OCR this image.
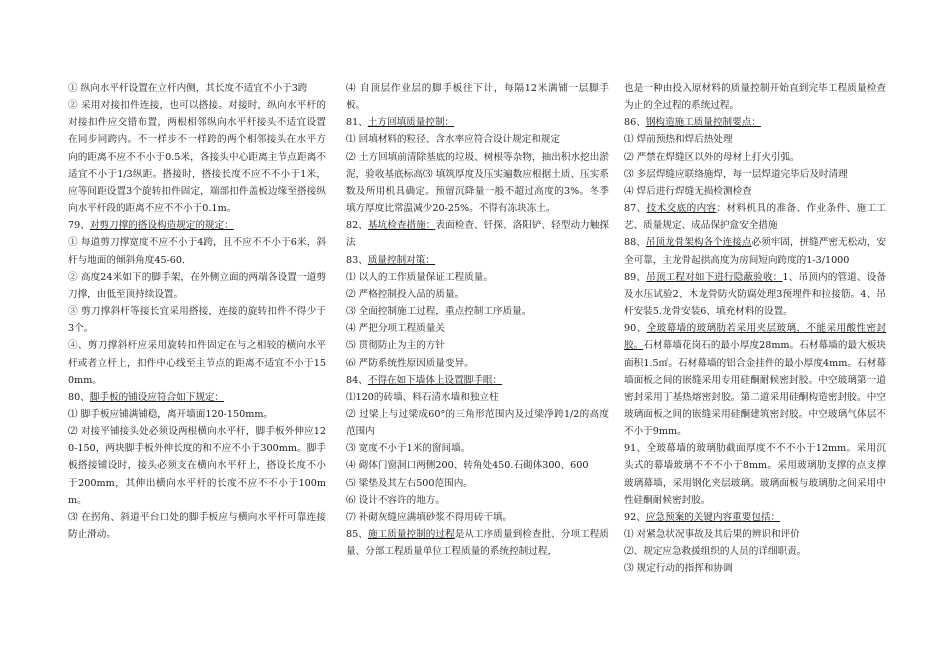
① 纵向水平杆设置在立杆内侧，其长度不适宜不小于3跨

② 采用对接扣件连接，也可以搭接。对接时，纵向水平杆的对接扣件应交错布置，两根相邻纵向水平杆接头不适宜设置在同步同跨内。不一样步不一样跨的两个相邻接头在水平方向的距离不应不不小于0.5米，各接头中心距离主节点距离不适宜不小于1/3纵距。搭接时，搭接长度不应不不小于1米，应等间距设置3个旋转扣件固定，端部扣件盖板边缘至搭接纵向水平杆段的距离不应不不小于0.1m。

79、对剪刀撑的搭设构造规定的规定：

① 每道剪刀撑宽度不应不小于4跨，且不应不不小于6米，斜杆与地面的倾斜角度45-60.

② 高度24米如下的脚手架，在外侧立面的两端各设置一道剪刀撑，由低至顶持续设置。

③ 剪刀撑斜杆等接长宜采用搭接，连接的旋转扣件不得少于3个。

④、剪刀撑斜杆应采用旋转扣件固定在与之相较的横向水平杆或者立杆上，扣件中心线至主节点的距离不适宜不小于150mm。

80、脚手板的铺设应符合如下规定：

⑴ 脚手板应铺满铺稳，离开墙面120-150mm。

⑵ 对接平铺接头处必须设两根横向水平杆，脚手板外伸应120-150，两块脚手板外伸长度的和不应不小于300mm。脚手板搭接铺设时，接头必须支在横向水平杆上，搭设长度不小于200mm，其伸出横向水平杆的长度不应不不小于100mm。

⑶ 在拐角、斜道平台口处的脚手板应与横向水平杆可靠连接防止滑动。

⑷ 自顶层作业层的脚手板往下计，每隔12米满铺一层脚手板。

81、土方回填质量控制：

⑴ 回填材料的粒径、含水率应符合设计规定和规定

⑵ 土方回填前清除基底的垃圾、树根等杂物，抽出积水挖出淤泥，验收基底标高⑶ 填筑厚度及压实遍数应根据土质、压实系数及所用机具确定。预留沉降量一般不超过高度的3%。冬季填方厚度比常温减少20-25%。不得有冻块冻土。

82、基坑检查措施：表面检查、钎探、洛阳铲、轻型动力触探法

83、质量控制对策：

⑴ 以人的工作质量保证工程质量。

⑵ 严格控制投入品的质量。

⑶ 全面控制施工过程，重点控制工序质量。

⑷ 严把分项工程质量关

⑸ 贯彻防止为主的方针

⑹ 严防系统性原因质量变异。

84、不得在如下墙体上设置脚手眼：

⑴120的砖墙、料石清水墙和独立柱

⑵ 过梁上与过梁成60°的三角形范围内及过梁净跨1/2的高度范围内

⑶ 宽度不小于1米的窗间墙。

⑷ 砌体门窗洞口两侧200、转角处450.石砌体300、600

⑸ 梁垫及其左右500范围内。

⑹ 设计不容许的地方。

⑺ 补砌灰缝应满填砂浆不得用砖干填。

85、施工质量控制的过程是从工序质量到检查批、分项工程质量、分部工程质量单位工程质量的系统控制过程，

也是一种由投入原材料的质量控制开始直到完毕工程质量检查为止的全过程的系统过程。

86、钢构造施工质量控制要点：

⑴ 焊前预热和焊后热处理

⑵ 严禁在焊缝区以外的母材上打火引弧。

⑶ 多层焊缝应联络施焊，每一层焊道完毕后及时清理

⑷ 焊后进行焊缝无损检测检查

87、技术交底的内容：材料机具的准备、作业条件、施工工艺、质量规定、成品保护盒安全措施

88、吊顶龙骨架构各个连接点必须牢固，拼缝严密无松动，安全可靠，主龙骨起拱高度为房间短向跨度的1-3/1000

89、吊顶工程对如下进行隐蔽验收：1、吊顶内的管道、设备及水压试验2、木龙骨防火防腐处理3预埋件和拉接筋。4、吊杆安装5.龙骨安装6、填充材料的设置。

90、全玻幕墙的玻璃肋若采用夹层玻璃，不能采用酸性密封胶。石材幕墙花岗石的最小厚度28mm。石材幕墙的最大板块面积1.5㎡。石材幕墙的铝合金挂件的最小厚度4mm。石材幕墙面板之间的嵌缝采用专用硅酮耐候密封胶。中空玻璃第一道密封采用丁基热熔密封胶。第二道采用硅酮构造密封胶。中空玻璃面板之间的嵌缝采用硅酮建筑密封胶。中空玻璃气体层不不小于9mm。

91、全玻幕墙的玻璃肋截面厚度不不不小于12mm。采用沉头式的幕墙玻璃不不不小于8mm。采用玻璃肋支撑的点支撑玻璃幕墙，采用钢化夹层玻璃。玻璃面板与玻璃肋之间采用中性硅酮耐候密封胶。

92、应急预案的关键内容重要包括：

⑴ 对紧急状况事故及其后果的辨识和评价

⑵、规定应急救援组织的人员的详细职责。

⑶ 规定行动的指挥和协调
